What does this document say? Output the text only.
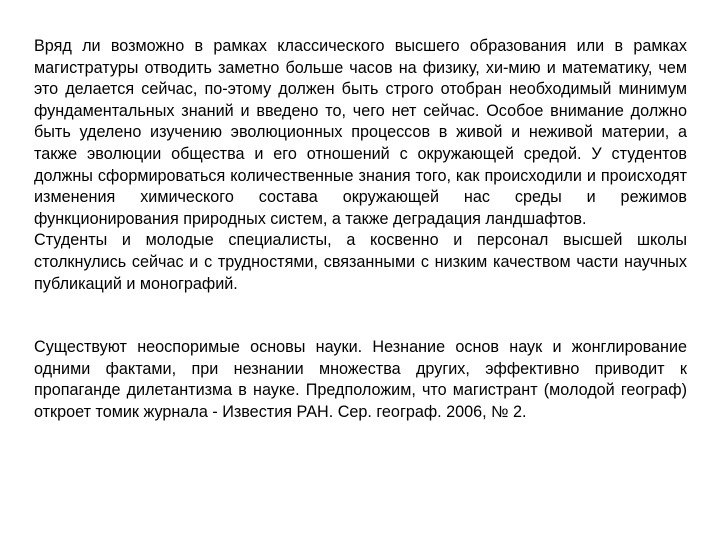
Вряд ли возможно в рамках классического высшего образования или в рамках магистратуры отводить заметно больше часов на физику, хи-мию и математику, чем это делается сейчас, по-этому должен быть строго отобран необходимый минимум фундаментальных знаний и введено то, чего нет сейчас. Особое внимание должно быть уделено изучению эволюционных процессов в живой и неживой материи, а также эволюции общества и его отношений с окружающей средой. У студентов должны сформироваться количественные знания того, как происходили и происходят изменения химического состава окружающей нас среды и режимов функционирования природных систем, а также деградация ландшафтов.

Студенты и молодые специалисты, а косвенно и персонал высшей школы столкнулись сейчас и с трудностями, связанными с низким качеством части научных публикаций и монографий.

Существуют неоспоримые основы науки. Незнание основ наук и жонглирование одними фактами, при незнании множества других, эффективно приводит к пропаганде дилетантизма в науке. Предположим, что магистрант (молодой географ) откроет томик журнала - Известия РАН. Сер. географ. 2006, № 2.
